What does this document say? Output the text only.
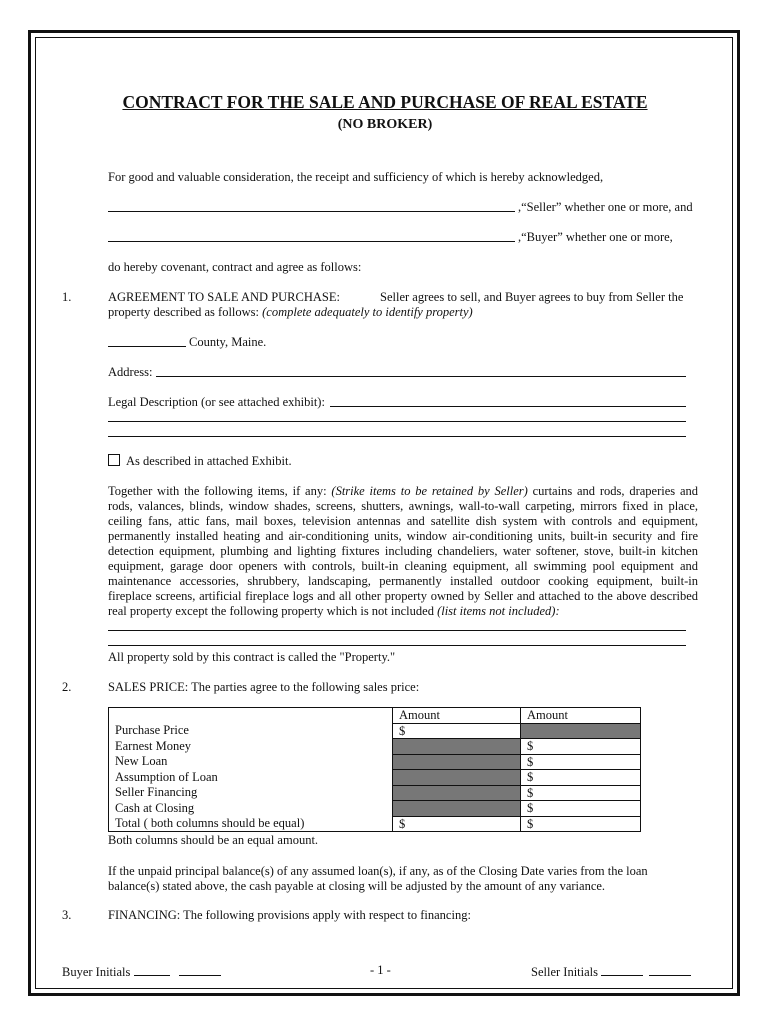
CONTRACT FOR THE SALE AND PURCHASE OF REAL ESTATE
(NO BROKER)
For good and valuable consideration, the receipt and sufficiency of which is hereby acknowledged,
,“Seller” whether one or more, and
,“Buyer” whether one or more,
do hereby covenant, contract and agree as follows:
1.	AGREEMENT TO SALE AND PURCHASE:	Seller agrees to sell, and Buyer agrees to buy from Seller the
property described as follows: (complete adequately to identify property)
County, Maine.
Address:
Legal Description (or see attached exhibit):
As described in attached Exhibit.
Together with the following items, if any: (Strike items to be retained by Seller) curtains and rods, draperies and
rods, valances, blinds, window shades, screens, shutters, awnings, wall-to-wall carpeting, mirrors fixed in place,
ceiling fans, attic fans, mail boxes, television antennas and satellite dish system with controls and equipment,
permanently installed heating and air-conditioning units, window air-conditioning units, built-in security and fire
detection equipment, plumbing and lighting fixtures including chandeliers, water softener, stove, built-in kitchen
equipment, garage door openers with controls, built-in cleaning equipment, all swimming pool equipment and
maintenance accessories, shrubbery, landscaping, permanently installed outdoor cooking equipment, built-in
fireplace screens, artificial fireplace logs and all other property owned by Seller and attached to the above described
real property except the following property which is not included (list items not included):
All property sold by this contract is called the "Property."
2.	SALES PRICE: The parties agree to the following sales price:
	Amount	Amount
Purchase Price	$	
Earnest Money		$
New Loan		$
Assumption of Loan		$
Seller Financing		$
Cash at Closing		$
Total ( both columns should be equal)	$	$
Both columns should be an equal amount.
If the unpaid principal balance(s) of any assumed loan(s), if any, as of the Closing Date varies from the loan
balance(s) stated above, the cash payable at closing will be adjusted by the amount of any variance.
3.	FINANCING: The following provisions apply with respect to financing:
Buyer Initials	- 1 -	Seller Initials
